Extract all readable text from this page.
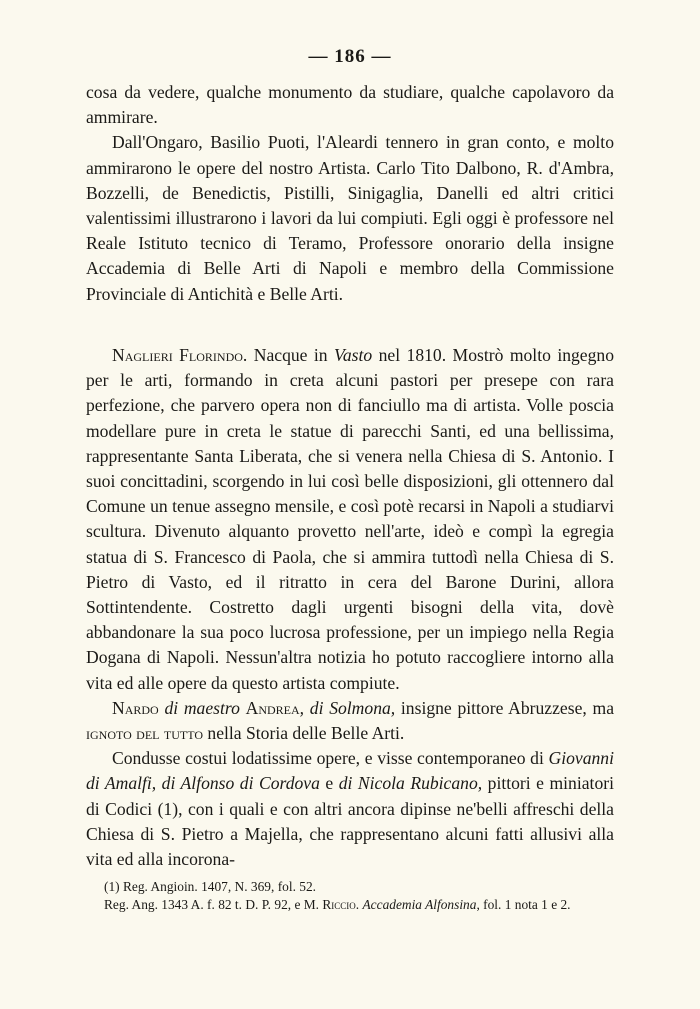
— 186 —

cosa da vedere, qualche monumento da studiare, qualche capolavoro da ammirare.

Dall'Ongaro, Basilio Puoti, l'Aleardi tennero in gran conto, e molto ammirarono le opere del nostro Artista. Carlo Tito Dalbono, R. d'Ambra, Bozzelli, de Benedictis, Pistilli, Sinigaglia, Danelli ed altri critici valentissimi illustrarono i lavori da lui compiuti. Egli oggi è professore nel Reale Istituto tecnico di Teramo, Professore onorario della insigne Accademia di Belle Arti di Napoli e membro della Commissione Provinciale di Antichità e Belle Arti.

Naglieri Florindo. Nacque in Vasto nel 1810. Mostrò molto ingegno per le arti, formando in creta alcuni pastori per presepe con rara perfezione, che parvero opera non di fanciullo ma di artista. Volle poscia modellare pure in creta le statue di parecchi Santi, ed una bellissima, rappresentante Santa Liberata, che si venera nella Chiesa di S. Antonio. I suoi concittadini, scorgendo in lui così belle disposizioni, gli ottennero dal Comune un tenue assegno mensile, e così potè recarsi in Napoli a studiarvi scultura. Divenuto alquanto provetto nell'arte, ideò e compì la egregia statua di S. Francesco di Paola, che si ammira tuttodì nella Chiesa di S. Pietro di Vasto, ed il ritratto in cera del Barone Durini, allora Sottintendente. Costretto dagli urgenti bisogni della vita, dovè abbandonare la sua poco lucrosa professione, per un impiego nella Regia Dogana di Napoli. Nessun'altra notizia ho potuto raccogliere intorno alla vita ed alle opere da questo artista compiute.

Nardo di maestro Andrea, di Solmona, insigne pittore Abruzzese, ma ignoto del tutto nella Storia delle Belle Arti.

Condusse costui lodatissime opere, e visse contemporaneo di Giovanni di Amalfi, di Alfonso di Cordova e di Nicola Rubicano, pittori e miniatori di Codici (1), con i quali e con altri ancora dipinse ne'belli affreschi della Chiesa di S. Pietro a Majella, che rappresentano alcuni fatti allusivi alla vita ed alla incorona-

(1) Reg. Angioin. 1407, N. 369, fol. 52.

Reg. Ang. 1343 A. f. 82 t. D. P. 92, e M. Riccio. Accademia Alfonsina, fol. 1 nota 1 e 2.
